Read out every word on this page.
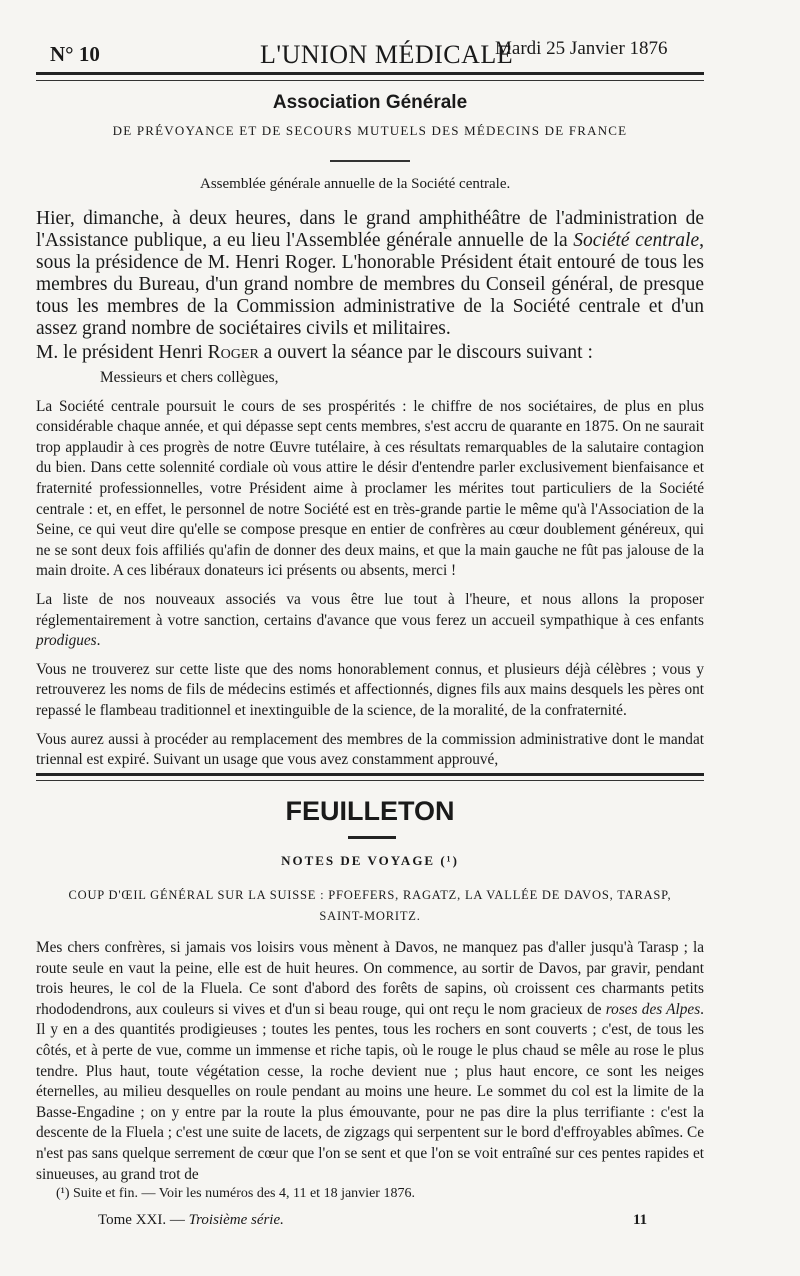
N° 10	L'UNION MÉDICALE
Mardi 25 Janvier 1876
Association Générale
DE PRÉVOYANCE ET DE SECOURS MUTUELS DES MÉDECINS DE FRANCE
Assemblée générale annuelle de la Société centrale.

Hier, dimanche, à deux heures, dans le grand amphithéâtre de l'administration de l'Assistance publique, a eu lieu l'Assemblée générale annuelle de la Société centrale, sous la présidence de M. Henri Roger. L'honorable Président était entouré de tous les membres du Bureau, d'un grand nombre de membres du Conseil général, de presque tous les membres de la Commission administrative de la Société centrale et d'un assez grand nombre de sociétaires civils et militaires.

M. le président Henri Roger a ouvert la séance par le discours suivant :

Messieurs et chers collègues,

La Société centrale poursuit le cours de ses prospérités : le chiffre de nos sociétaires, de plus en plus considérable chaque année, et qui dépasse sept cents membres, s'est accru de quarante en 1875. On ne saurait trop applaudir à ces progrès de notre Œuvre tutélaire, à ces résultats remarquables de la salutaire contagion du bien. Dans cette solennité cordiale où vous attire le désir d'entendre parler exclusivement bienfaisance et fraternité professionnelles, votre Président aime à proclamer les mérites tout particuliers de la Société centrale : et, en effet, le personnel de notre Société est en très-grande partie le même qu'à l'Association de la Seine, ce qui veut dire qu'elle se compose presque en entier de confrères au cœur doublement généreux, qui ne se sont deux fois affiliés qu'afin de donner des deux mains, et que la main gauche ne fût pas jalouse de la main droite. A ces libéraux donateurs ici présents ou absents, merci !

La liste de nos nouveaux associés va vous être lue tout à l'heure, et nous allons la proposer réglementairement à votre sanction, certains d'avance que vous ferez un accueil sympathique à ces enfants prodigues.

Vous ne trouverez sur cette liste que des noms honorablement connus, et plusieurs déjà célèbres ; vous y retrouverez les noms de fils de médecins estimés et affectionnés, dignes fils aux mains desquels les pères ont repassé le flambeau traditionnel et inextinguible de la science, de la moralité, de la confraternité.

Vous aurez aussi à procéder au remplacement des membres de la commission administrative dont le mandat triennal est expiré. Suivant un usage que vous avez constamment approuvé,

FEUILLETON
NOTES DE VOYAGE (¹)
COUP D'ŒIL GÉNÉRAL SUR LA SUISSE : PFOEFERS, RAGATZ, LA VALLÉE DE DAVOS, TARASP, SAINT-MORITZ.

Mes chers confrères, si jamais vos loisirs vous mènent à Davos, ne manquez pas d'aller jusqu'à Tarasp ; la route seule en vaut la peine, elle est de huit heures. On commence, au sortir de Davos, par gravir, pendant trois heures, le col de la Fluela. Ce sont d'abord des forêts de sapins, où croissent ces charmants petits rhododendrons, aux couleurs si vives et d'un si beau rouge, qui ont reçu le nom gracieux de roses des Alpes. Il y en a des quantités prodigieuses ; toutes les pentes, tous les rochers en sont couverts ; c'est, de tous les côtés, et à perte de vue, comme un immense et riche tapis, où le rouge le plus chaud se mêle au rose le plus tendre. Plus haut, toute végétation cesse, la roche devient nue ; plus haut encore, ce sont les neiges éternelles, au milieu desquelles on roule pendant au moins une heure. Le sommet du col est la limite de la Basse-Engadine ; on y entre par la route la plus émouvante, pour ne pas dire la plus terrifiante : c'est la descente de la Fluela ; c'est une suite de lacets, de zigzags qui serpentent sur le bord d'effroyables abîmes. Ce n'est pas sans quelque serrement de cœur que l'on se sent et que l'on se voit entraîné sur ces pentes rapides et sinueuses, au grand trot de

(¹) Suite et fin. — Voir les numéros des 4, 11 et 18 janvier 1876.
Tome XXI. — Troisième série.	11
